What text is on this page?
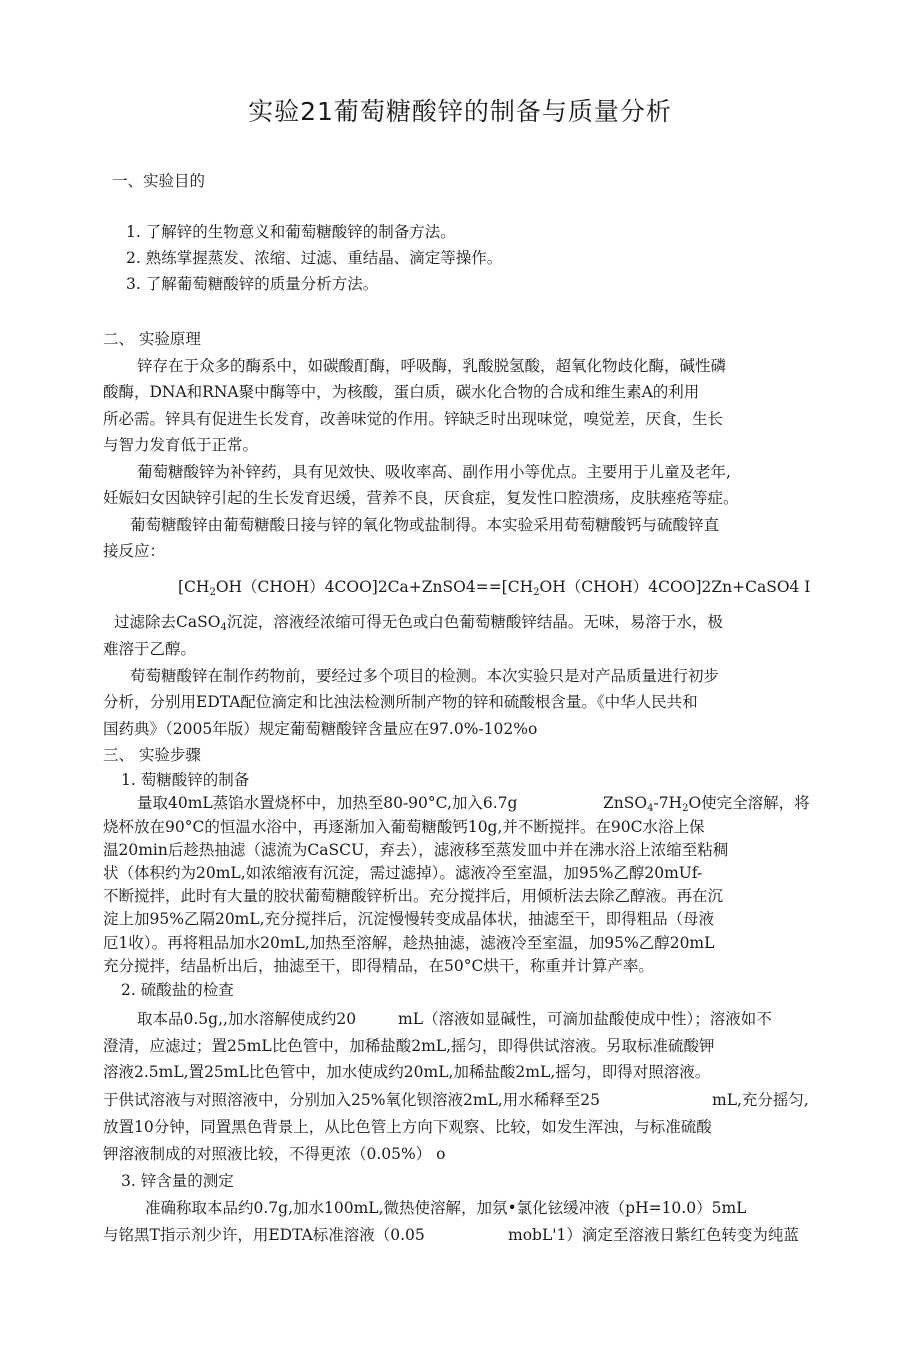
实验21葡萄糖酸锌的制备与质量分析
一、实验目的
1. 了解锌的生物意义和葡萄糖酸锌的制备方法。
2. 熟练掌握蒸发、浓缩、过滤、重结晶、滴定等操作。
3. 了解葡萄糖酸锌的质量分析方法。
二、 实验原理
锌存在于众多的酶系中，如碳酸酊酶，呼吸酶，乳酸脱氢酸，超氧化物歧化酶，碱性磷
酸酶，DNA和RNA聚中酶等中，为核酸，蛋白质，碳水化合物的合成和维生素A的利用
所必需。锌具有促进生长发育，改善味觉的作用。锌缺乏时出现味觉，嗅觉差，厌食，生长
与智力发育低于正常。
葡萄糖酸锌为补锌药，具有见效快、吸收率高、副作用小等优点。主要用于儿童及老年,
妊娠妇女因缺锌引起的生长发育迟缓，营养不良，厌食症，复发性口腔溃疡，皮肤痤疮等症。
葡萄糖酸锌由葡萄糖酸日接与锌的氧化物或盐制得。本实验采用荀萄糖酸钙与硫酸锌直
接反应：
$[CH_2OH(CHOH)4COO]2Ca+ZnSO4==[CH_2OH(CHOH)4COO]2Zn+CaSO4$ I
过滤除去CaSO$_4$沉淀，溶液经浓缩可得无色或白色葡萄糖酸锌结晶。无味，易溶于水，极
难溶于乙醇。
荀萄糖酸锌在制作药物前，要经过多个项目的检测。本次实验只是对产品质量进行初步
分析，分别用EDTA配位滴定和比浊法检测所制产物的锌和硫酸根含量。《中华人民共和
国药典》（2005年版）规定葡萄糖酸锌含量应在97.0%-102%o
三、 实验步骤
1. 萄糖酸锌的制备
量取40mL蒸馅水置烧杯中，加热至80-90°C,加入6.7g	$ZnSO_4-7H_2O$使完全溶解，将
烧杯放在90°C的恒温水浴中，再逐渐加入葡萄糖酸钙10g,并不断搅拌。在90C水浴上保
温20min后趁热抽滤（滤流为CaSCU，弃去），滤液移至蒸发皿中并在沸水浴上浓缩至粘稠
状（体积约为20mL,如浓缩液有沉淀，需过滤掉）。滤液冷至室温，加95%乙醇20mUf-
不断搅拌，此时有大量的胶状葡萄糖酸锌析出。充分搅拌后，用倾析法去除乙醇液。再在沉
淀上加95%乙隔20mL,充分搅拌后，沉淀慢慢转变成晶体状，抽滤至干，即得粗品（母液
厄1收）。再将粗品加水20mL,加热至溶解，趁热抽滤，滤液冷至室温，加95%乙醇20mL
充分搅拌，结晶析出后，抽滤至干，即得精品，在50°C烘干，称重并计算产率。
2. 硫酸盐的检查
取本品0.5g,,加水溶解使成约20	mL（溶液如显碱性，可滴加盐酸使成中性）；溶液如不
澄清，应滤过；置25mL比色管中，加稀盐酸2mL,摇匀，即得供试溶液。另取标准硫酸钾
溶液2.5mL,置25mL比色管中，加水使成约20mL,加稀盐酸2mL,摇匀，即得对照溶液。
于供试溶液与对照溶液中，分别加入25%氧化钡溶液2mL,用水稀释至25	mL,充分摇匀,
放置10分钟，同置黑色背景上，从比色管上方向下观察、比较，如发生浑浊，与标准硫酸
钾溶液制成的对照液比较，不得更浓（0.05%） o
3. 锌含量的测定
准确称取本品约0.7g,加水100mL,微热使溶解，加氛•氯化铉缓冲液（pH=10.0）5mL
与铭黑T指示剂少许，用EDTA标准溶液（0.05	mobL'1）滴定至溶液日紫红色转变为纯蓝
